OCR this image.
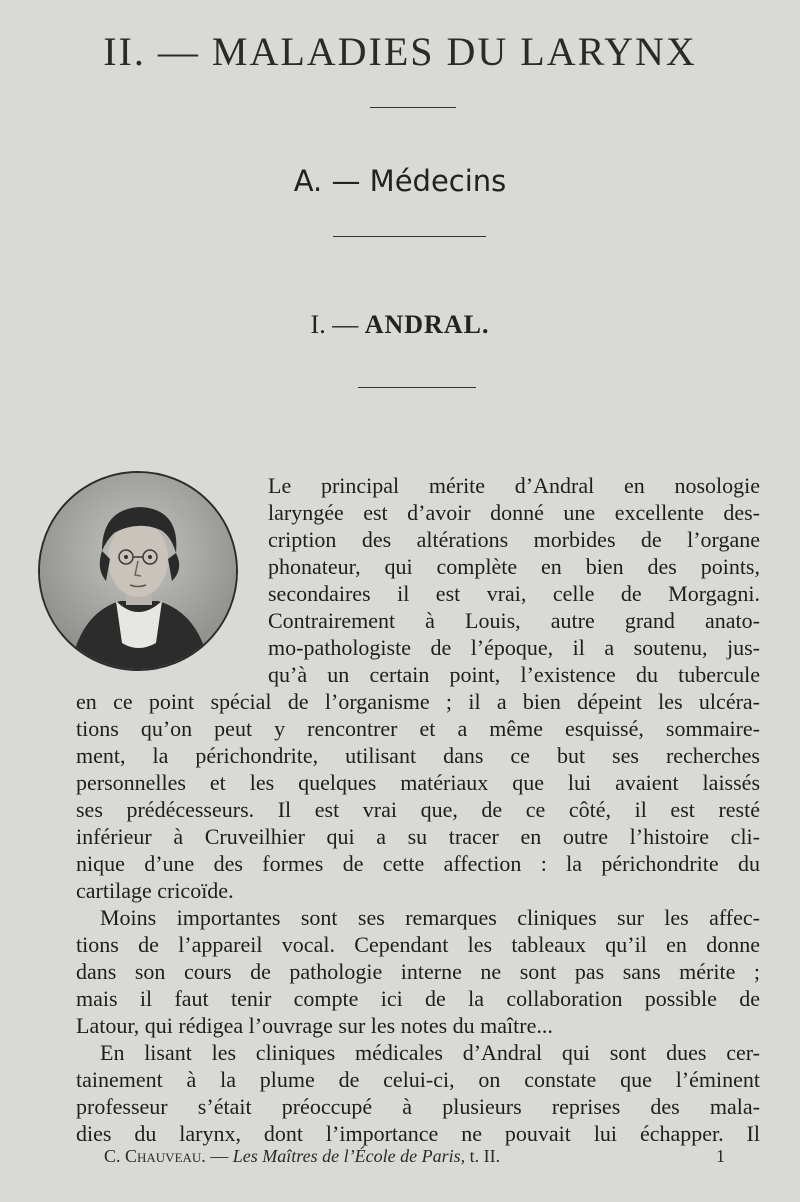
II. — MALADIES DU LARYNX
A. — Médecins
I. — ANDRAL.
Le principal mérite d’Andral en nosologie
laryngée est d’avoir donné une excellente des-
cription des altérations morbides de l’organe
phonateur, qui complète en bien des points,
secondaires il est vrai, celle de Morgagni.
Contrairement à Louis, autre grand anato-
mo-pathologiste de l’époque, il a soutenu, jus-
qu’à un certain point, l’existence du tubercule
en ce point spécial de l’organisme ; il a bien dépeint les ulcéra-
tions qu’on peut y rencontrer et a même esquissé, sommaire-
ment, la périchondrite, utilisant dans ce but ses recherches
personnelles et les quelques matériaux que lui avaient laissés
ses prédécesseurs. Il est vrai que, de ce côté, il est resté
inférieur à Cruveilhier qui a su tracer en outre l’histoire cli-
nique d’une des formes de cette affection : la périchondrite du
cartilage cricoïde.
Moins importantes sont ses remarques cliniques sur les affec-
tions de l’appareil vocal. Cependant les tableaux qu’il en donne
dans son cours de pathologie interne ne sont pas sans mérite ;
mais il faut tenir compte ici de la collaboration possible de
Latour, qui rédigea l’ouvrage sur les notes du maître...
En lisant les cliniques médicales d’Andral qui sont dues cer-
tainement à la plume de celui-ci, on constate que l’éminent
professeur s’était préoccupé à plusieurs reprises des mala-
dies du larynx, dont l’importance ne pouvait lui échapper. Il
C. Chauveau. — Les Maîtres de l’École de Paris, t. II.	1
